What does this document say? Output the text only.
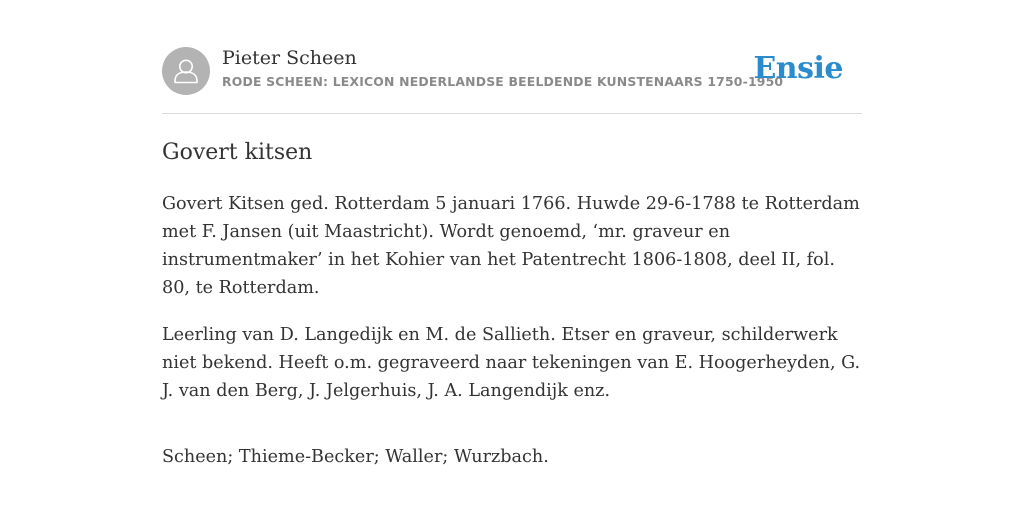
Pieter Scheen
RODE SCHEEN: LEXICON NEDERLANDSE BEELDENDE KUNSTENAARS 1750-1950
Ensie
Govert kitsen

Govert Kitsen ged. Rotterdam 5 januari 1766. Huwde 29-6-1788 te Rotterdam met F. Jansen (uit Maastricht). Wordt genoemd, ‘mr. graveur en instrumentmaker’ in het Kohier van het Patentrecht 1806-1808, deel II, fol. 80, te Rotterdam.

Leerling van D. Langedijk en M. de Sallieth. Etser en graveur, schilderwerk niet bekend. Heeft o.m. gegraveerd naar tekeningen van E. Hoogerheyden, G. J. van den Berg, J. Jelgerhuis, J. A. Langendijk enz.

Scheen; Thieme-Becker; Waller; Wurzbach.
